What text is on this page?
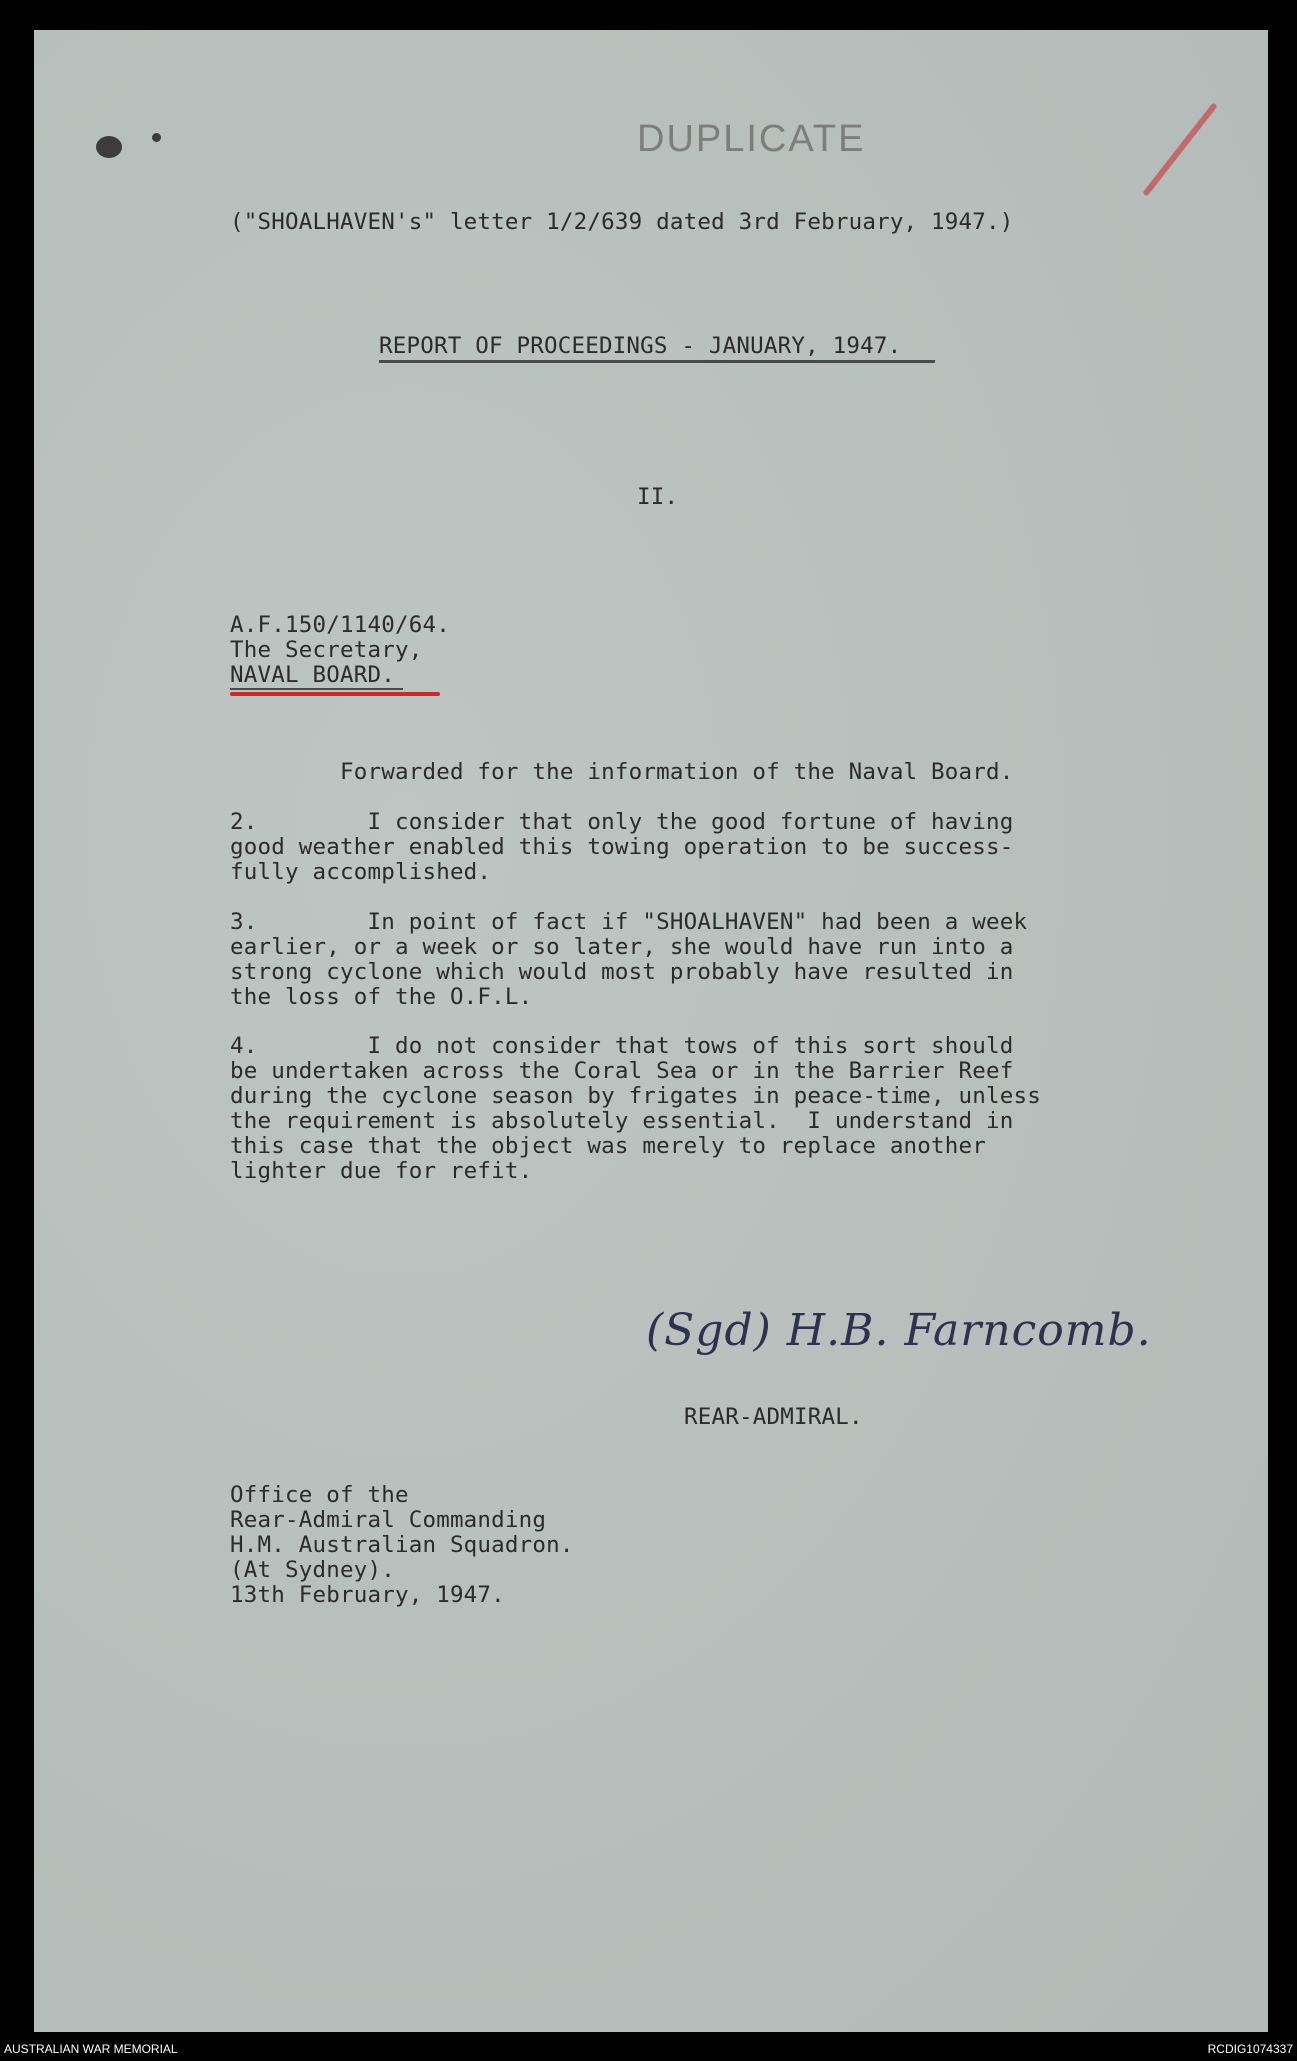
DUPLICATE
("SHOALHAVEN's" letter 1/2/639 dated 3rd February, 1947.)
REPORT OF PROCEEDINGS - JANUARY, 1947.
II.
A.F.150/1140/64.
The Secretary,
NAVAL BOARD.
Forwarded for the information of the Naval Board.
2.        I consider that only the good fortune of having
good weather enabled this towing operation to be success-
fully accomplished.
3.        In point of fact if "SHOALHAVEN" had been a week
earlier, or a week or so later, she would have run into a
strong cyclone which would most probably have resulted in
the loss of the O.F.L.
4.        I do not consider that tows of this sort should
be undertaken across the Coral Sea or in the Barrier Reef
during the cyclone season by frigates in peace-time, unless
the requirement is absolutely essential.  I understand in
this case that the object was merely to replace another
lighter due for refit.
(Sgd) H.B. Farncomb.
REAR-ADMIRAL.
Office of the
Rear-Admiral Commanding
H.M. Australian Squadron.
(At Sydney).
13th February, 1947.
AUSTRALIAN WAR MEMORIAL	RCDIG1074337
